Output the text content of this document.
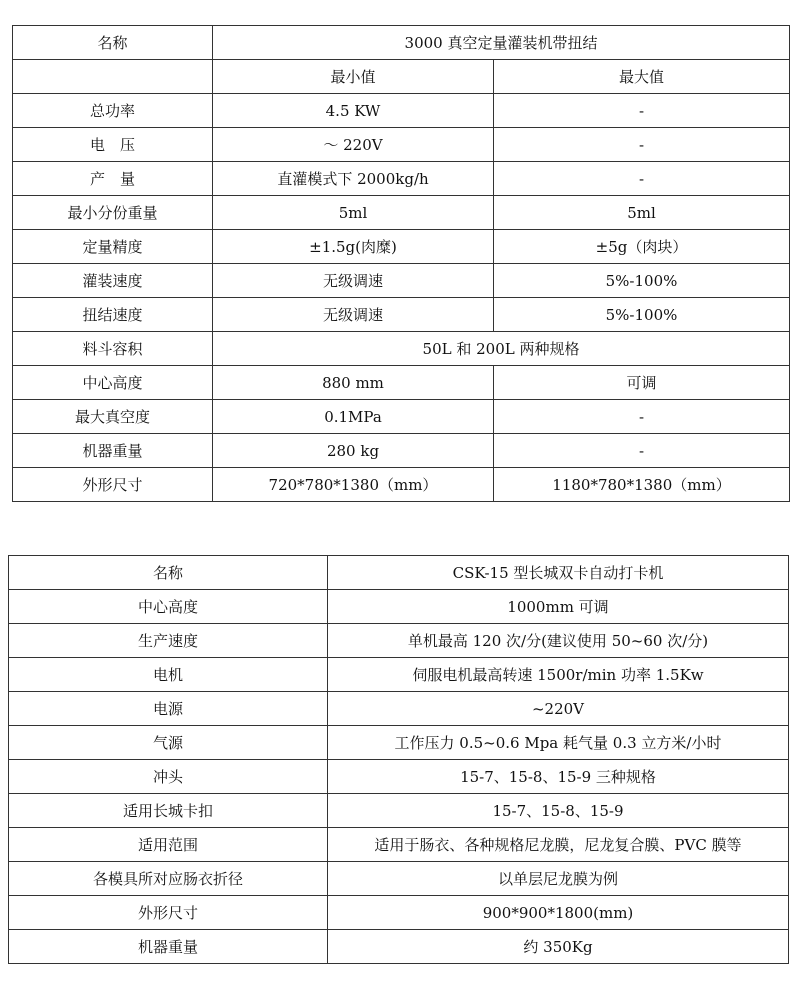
名称	3000 真空定量灌装机带扭结	
	最小值	最大值
总功率	4.5 KW	-
电　压	～ 220V	-
产　量	直灌模式下 2000kg/h	-
最小分份重量	5ml	5ml
定量精度	±1.5g(肉糜)	±5g（肉块）
灌装速度	无级调速	5%-100%
扭结速度	无级调速	5%-100%
料斗容积	50L 和 200L 两种规格	
中心高度	880 mm	可调
最大真空度	0.1MPa	-
机器重量	280 kg	-
外形尺寸	720*780*1380（mm）	1180*780*1380（mm）
名称	CSK-15 型长城双卡自动打卡机
中心高度	1000mm 可调
生产速度	单机最高 120 次/分(建议使用 50~60 次/分)
电机	伺服电机最高转速 1500r/min 功率 1.5Kw
电源	~220V
气源	工作压力 0.5~0.6 Mpa 耗气量 0.3 立方米/小时
冲头	15-7、15-8、15-9 三种规格
适用长城卡扣	15-7、15-8、15-9
适用范围	适用于肠衣、各种规格尼龙膜，尼龙复合膜、PVC 膜等
各模具所对应肠衣折径	以单层尼龙膜为例
外形尺寸	900*900*1800(mm)
机器重量	约 350Kg
